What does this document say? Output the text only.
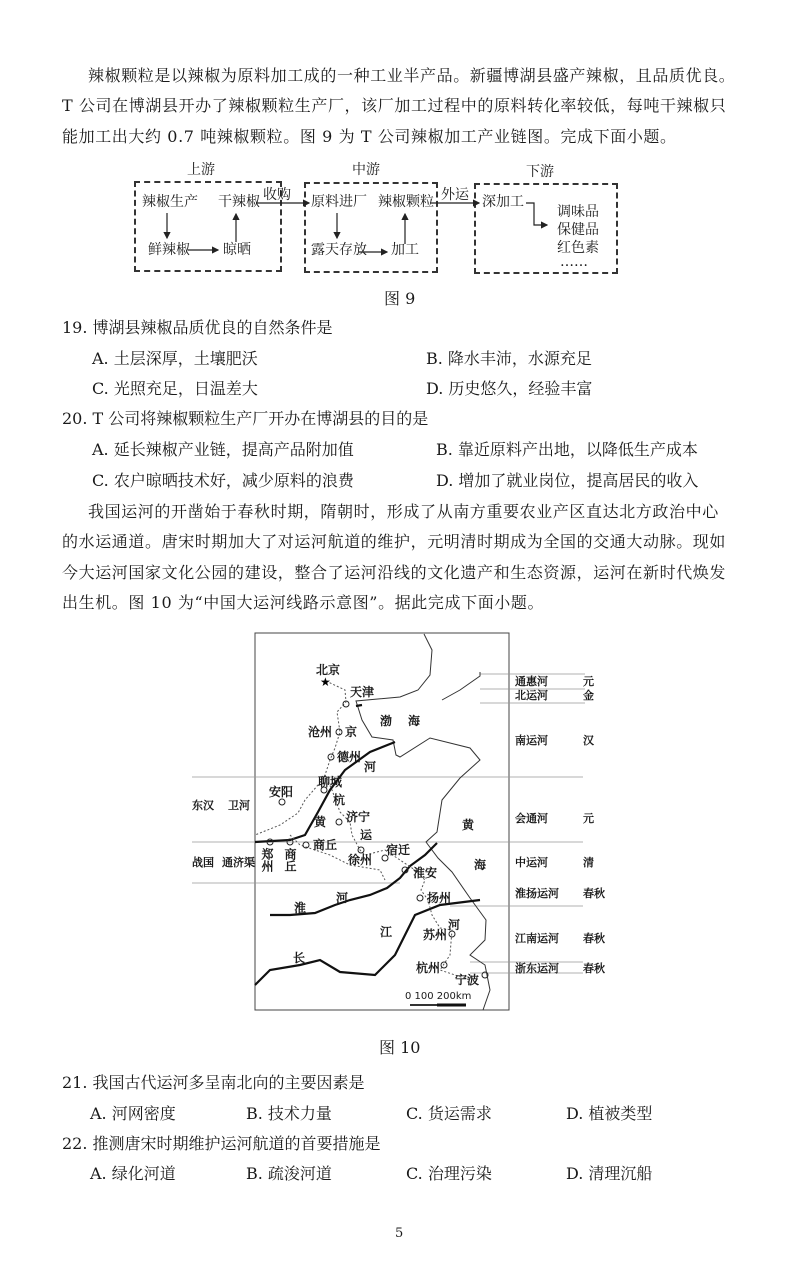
辣椒颗粒是以辣椒为原料加工成的一种工业半产品。新疆博湖县盛产辣椒，且品质优良。
T 公司在博湖县开办了辣椒颗粒生产厂，该厂加工过程中的原料转化率较低，每吨干辣椒只
能加工出大约 0.7 吨辣椒颗粒。图 9 为 T 公司辣椒加工产业链图。完成下面小题。
上游	中游	下游
辣椒生产 干辣椒
鲜辣椒 晾晒
收购 原料进厂 辣椒颗粒
露天存放 加工
外运 深加工
调味品
保健品
红色素
……
图 9
19. 博湖县辣椒品质优良的自然条件是
A. 土层深厚，土壤肥沃	B. 降水丰沛，水源充足
C. 光照充足，日温差大	D. 历史悠久，经验丰富
20. T 公司将辣椒颗粒生产厂开办在博湖县的目的是
A. 延长辣椒产业链，提高产品附加值	B. 靠近原料产出地，以降低生产成本
C. 农户晾晒技术好，减少原料的浪费	D. 增加了就业岗位，提高居民的收入
我国运河的开凿始于春秋时期，隋朝时，形成了从南方重要农业产区直达北方政治中心
的水运通道。唐宋时期加大了对运河航道的维护，元明清时期成为全国的交通大动脉。现如
今大运河国家文化公园的建设，整合了运河沿线的文化遗产和生态资源，运河在新时代焕发
出生机。图 10 为“中国大运河线路示意图”。据此完成下面小题。
★
北京
天津
渤 海
沧州 京
德州
河
聊城
安阳
杭
济宁
黄	黄
运
商丘	宿迁
郑州 商丘	徐州	海
淮安
扬州
淮
河
江	河
苏州
长
杭州
宁波
0 100 200km
通惠河	元
北运河	金
南运河	汉
会通河	元
中运河	清
淮扬运河 春秋
江南运河 春秋
浙东运河 春秋
东汉 卫河
战国 通济渠
图 10
21. 我国古代运河多呈南北向的主要因素是
A. 河网密度	B. 技术力量	C. 货运需求	D. 植被类型
22. 推测唐宋时期维护运河航道的首要措施是
A. 绿化河道	B. 疏浚河道	C. 治理污染	D. 清理沉船
5
